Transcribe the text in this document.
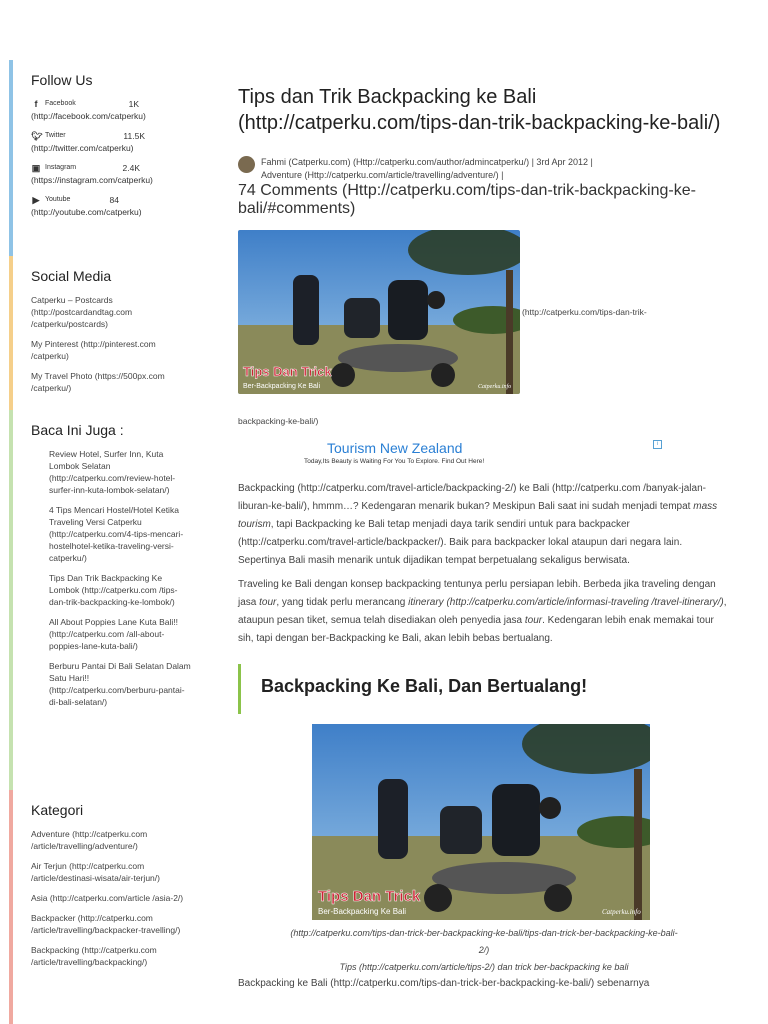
Follow Us
f	Facebook	1K
(http://facebook.com/catperku)
🐦︎ Twitter	11.5K
(http://twitter.com/catperku)
▣ Instagram	2.4K
(https://instagram.com/catperku)
▶ Youtube	84
(http://youtube.com/catperku)
Social Media
Catperku – Postcards (http://postcardandtag.com /catperku/postcards)
My Pinterest (http://pinterest.com /catperku)
My Travel Photo (https://500px.com /catperku/)
Baca Ini Juga :
Review Hotel, Surfer Inn, Kuta Lombok Selatan (http://catperku.com/review-hotel-surfer-inn-kuta-lombok-selatan/)
4 Tips Mencari Hostel/Hotel Ketika Traveling Versi Catperku (http://catperku.com/4-tips-mencari-hostelhotel-ketika-traveling-versi-catperku/)
Tips Dan Trik Backpacking Ke Lombok (http://catperku.com /tips-dan-trik-backpacking-ke-lombok/)
All About Poppies Lane Kuta Bali!! (http://catperku.com /all-about-poppies-lane-kuta-bali/)
Berburu Pantai Di Bali Selatan Dalam Satu Hari!! (http://catperku.com/berburu-pantai-di-bali-selatan/)
Kategori
Adventure (http://catperku.com /article/travelling/adventure/)
Air Terjun (http://catperku.com /article/destinasi-wisata/air-terjun/)
Asia (http://catperku.com/article /asia-2/)
Backpacker (http://catperku.com /article/travelling/backpacker-travelling/)
Backpacking (http://catperku.com /article/travelling/backpacking/)
Tips dan Trik Backpacking ke Bali (http://catperku.com/tips-dan-trik-backpacking-ke-bali/)
Fahmi (Catperku.com) (Http://catperku.com/author/admincatperku/) | 3rd Apr 2012 |
Adventure (Http://catperku.com/article/travelling/adventure/) |
74 Comments (Http://catperku.com/tips-dan-trik-backpacking-ke-bali/#comments)
Tips Dan Trick
Ber-Backpacking Ke Bali	Catperku.info
(http://catperku.com/tips-dan-trik-
backpacking-ke-bali/)
Tourism New Zealand
Today,Its Beauty is Waiting For You To Explore. Find Out Here!
i

Backpacking (http://catperku.com/travel-article/backpacking-2/) ke Bali (http://catperku.com /banyak-jalan-liburan-ke-bali/), hmmm…? Kedengaran menarik bukan? Meskipun Bali saat ini sudah menjadi tempat mass tourism, tapi Backpacking ke Bali tetap menjadi daya tarik sendiri untuk para backpacker (http://catperku.com/travel-article/backpacker/). Baik para backpacker lokal ataupun dari negara lain. Sepertinya Bali masih menarik untuk dijadikan tempat berpetualang sekaligus berwisata.

Traveling ke Bali dengan konsep backpacking tentunya perlu persiapan lebih. Berbeda jika traveling dengan jasa tour, yang tidak perlu merancang itinerary (http://catperku.com/article/informasi-traveling /travel-itinerary/), ataupun pesan tiket, semua telah disediakan oleh penyedia jasa tour. Kedengaran lebih enak memakai tour sih, tapi dengan ber-Backpacking ke Bali, akan lebih bebas bertualang.

Backpacking Ke Bali, Dan Bertualang!
Tips Dan Trick
Ber-Backpacking Ke Bali	Catperku.info
(http://catperku.com/tips-dan-trick-ber-backpacking-ke-bali/tips-dan-trick-ber-backpacking-ke-bali-2/)
Tips (http://catperku.com/article/tips-2/) dan trick ber-backpacking ke bali
Backpacking ke Bali (http://catperku.com/tips-dan-trick-ber-backpacking-ke-bali/) sebenarnya
